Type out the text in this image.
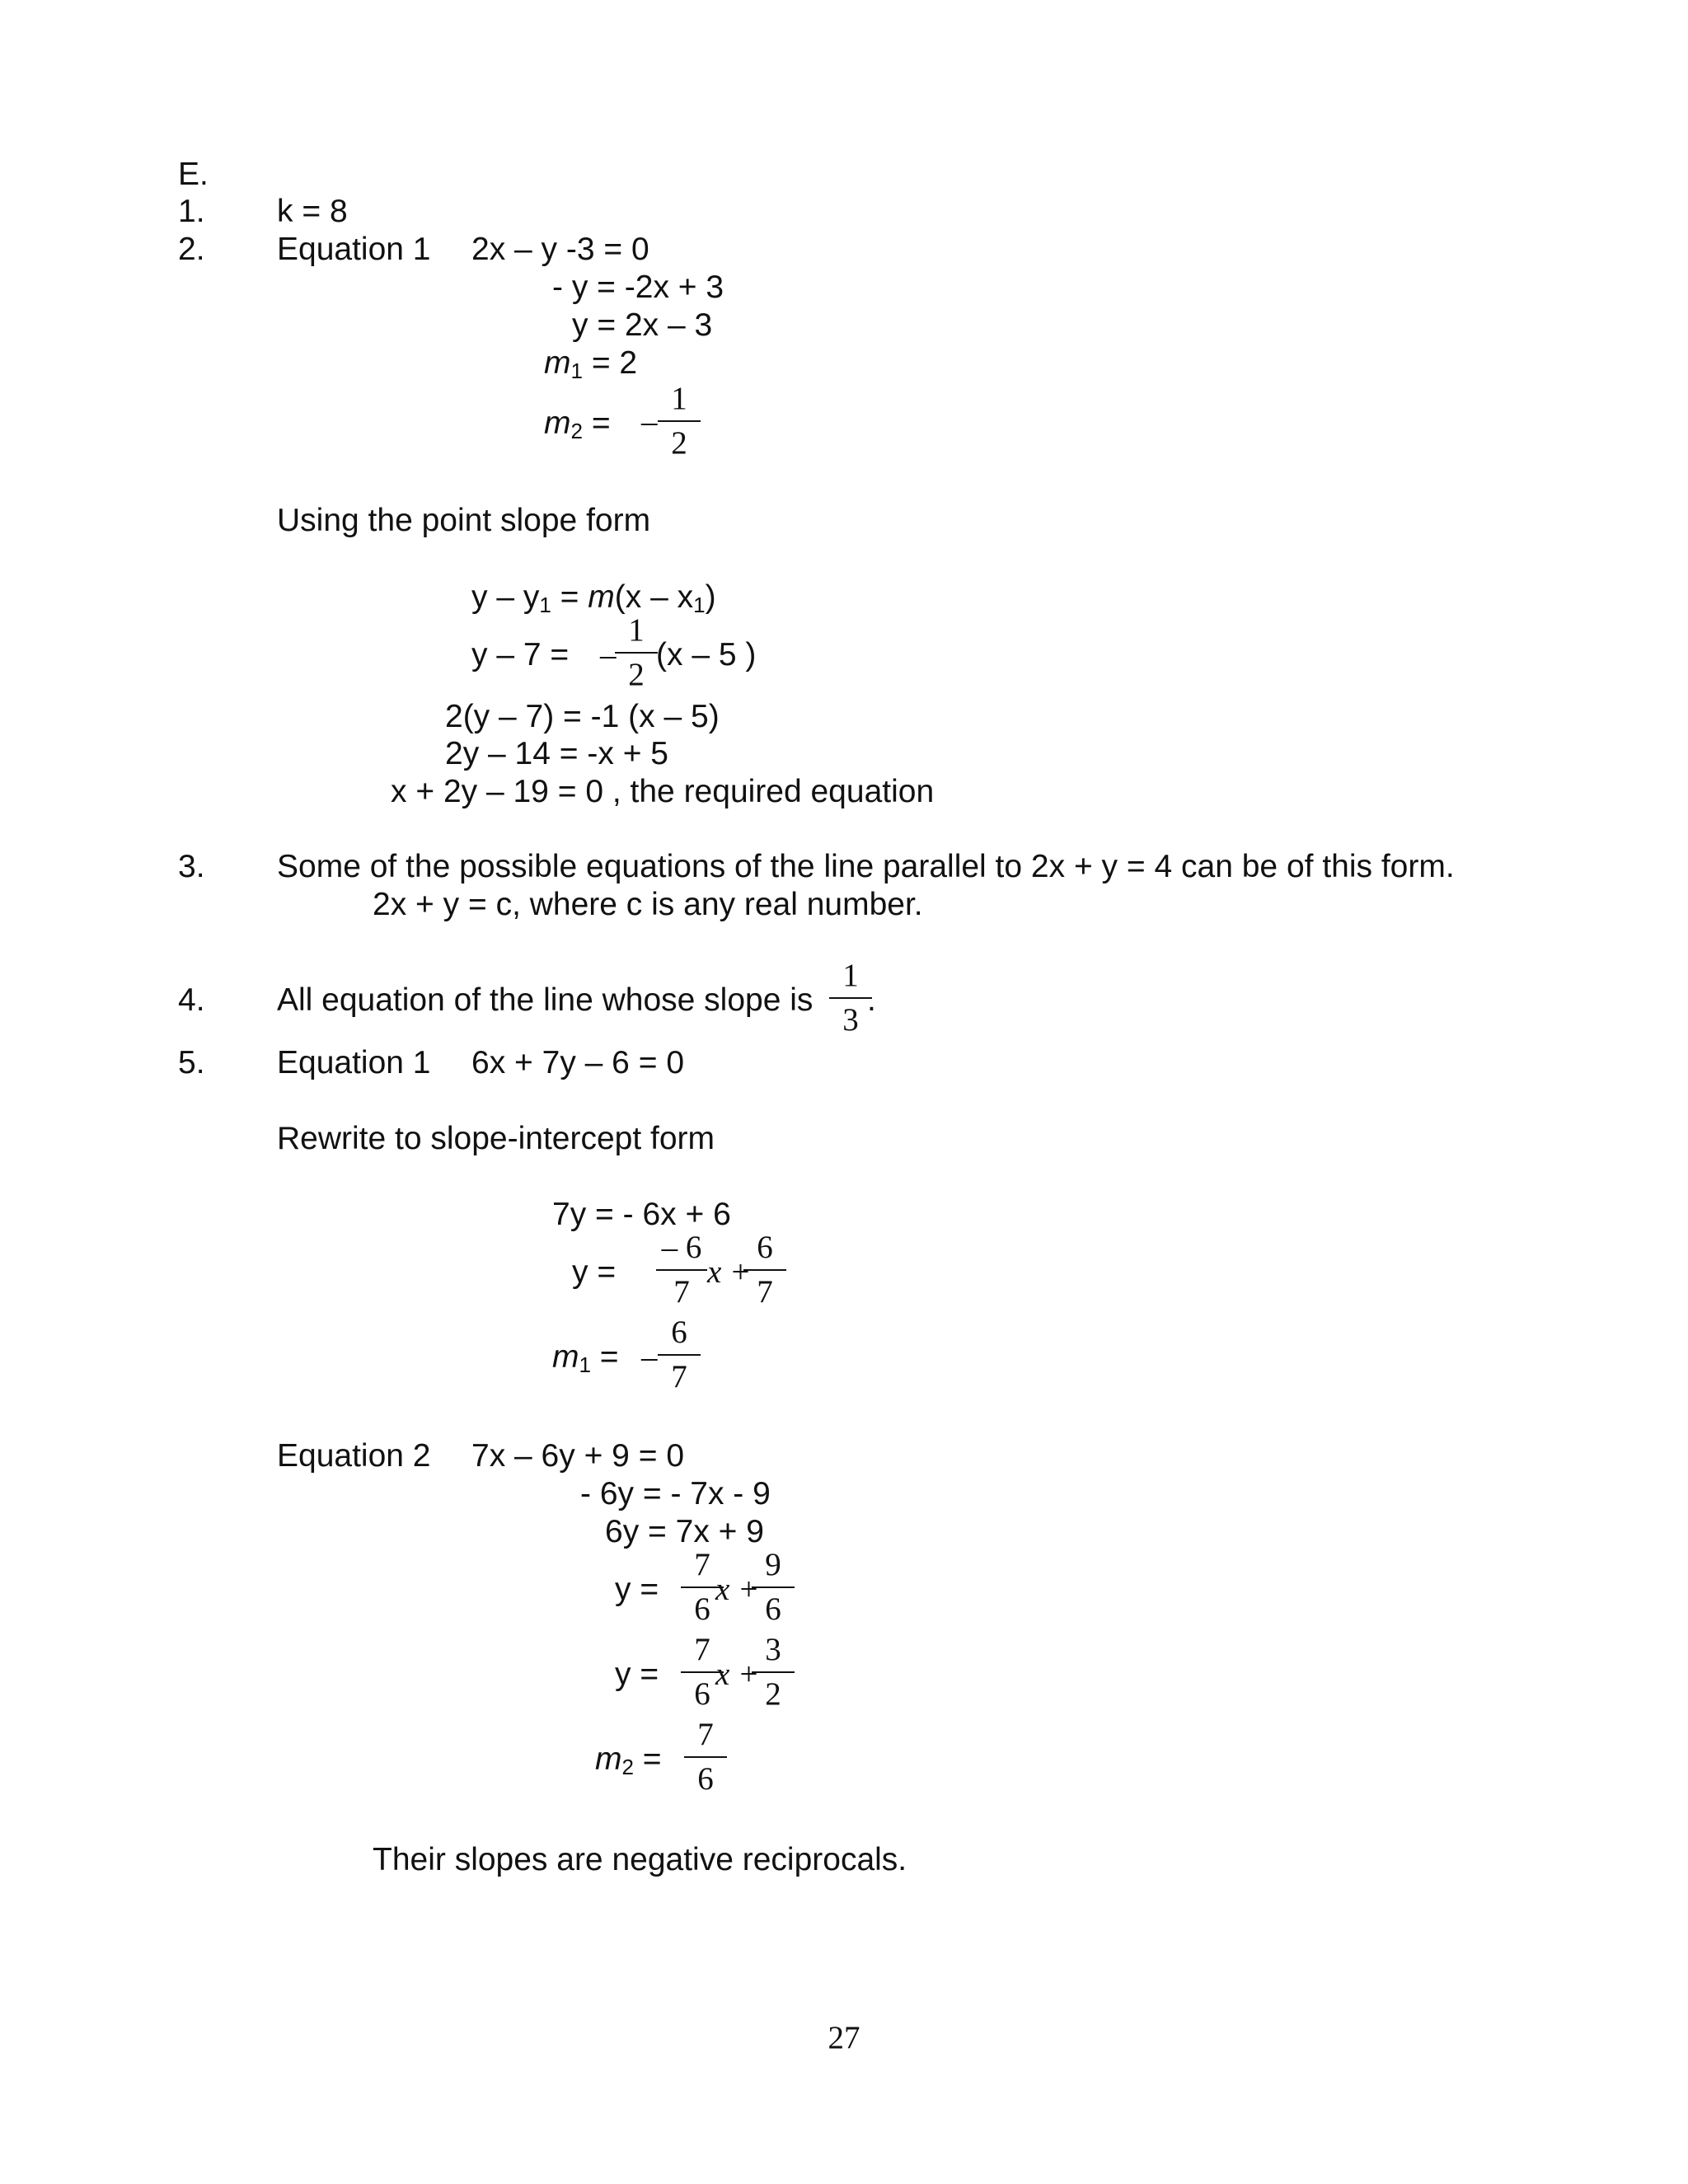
E.
1. k = 8
2. Equation 1 2x – y -3 = 0
- y = -2x + 3
y = 2x – 3
$m_1 = 2$
$m_2$ = –
1
2
Using the point slope form
$y - y_1 = m(x - x_1)$
y – 7 = –
1
2
(x – 5 )
2(y – 7) = -1 (x – 5)
2y – 14 = -x + 5
x + 2y – 19 = 0 , the required equation
3. Some of the possible equations of the line parallel to 2x + y = 4 can be of this form.
2x + y = c, where c is any real number.
4. All equation of the line whose slope is
1
3
.
5. Equation 1 6x + 7y – 6 = 0
Rewrite to slope-intercept form
7y = - 6x + 6
y =
– 6
7
x +
6
7
$m_1$ = –
6
7
Equation 2 7x – 6y + 9 = 0
- 6y = - 7x - 9
6y = 7x + 9
y =
7
6
x +
9
6
y =
7
6
x +
3
2
$m_2$ =
7
6
Their slopes are negative reciprocals.
27
